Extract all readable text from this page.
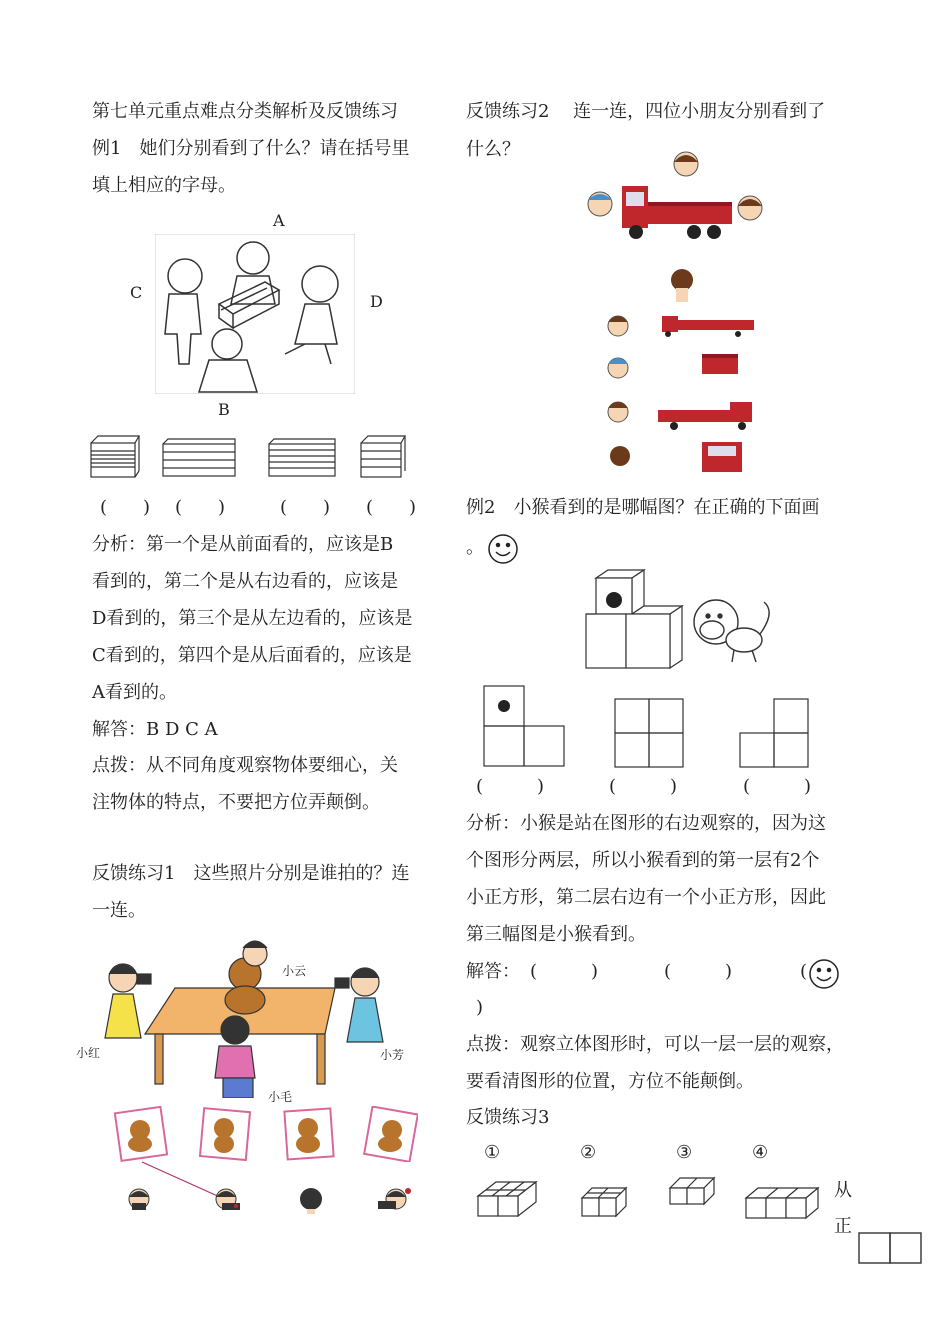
第七单元重点难点分类解析及反馈练习
例1　她们分别看到了什么？请在括号里
填上相应的字母。
A
C	D
B
(　　) (　　)	(　　) (　　)
分析：第一个是从前面看的，应该是B
看到的，第二个是从右边看的，应该是
D看到的，第三个是从左边看的，应该是
C看到的，第四个是从后面看的，应该是
A看到的。
解答：B D C A
点拨：从不同角度观察物体要细心，关
注物体的特点，不要把方位弄颠倒。
反馈练习1　这些照片分别是谁拍的？连
一连。
小云
小红	小芳
小毛
反馈练习2　 连一连，四位小朋友分别看到了
什么？
例2　小猴看到的是哪幅图？在正确的下面画
。
(　　　)	(　　　)	(　　　)
分析：小猴是站在图形的右边观察的，因为这
个图形分两层，所以小猴看到的第一层有2个
小正方形，第二层右边有一个小正方形，因此
第三幅图是小猴看到。
解答： (　　　)	(　　　)	(
)
点拨：观察立体图形时，可以一层一层的观察，
要看清图形的位置，方位不能颠倒。
反馈练习3
①	②	③	④
从
正
